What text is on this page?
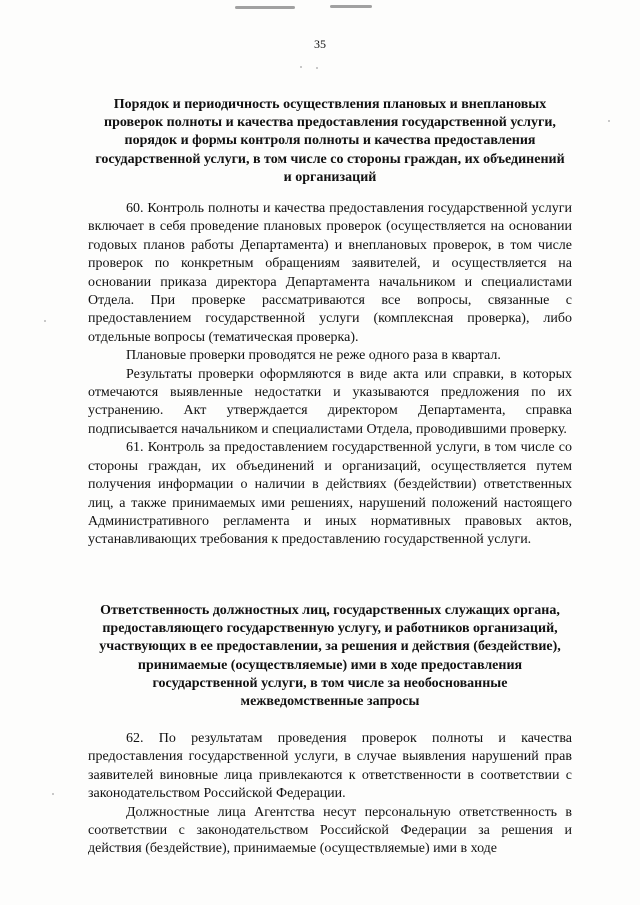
35
Порядок и периодичность осуществления плановых и внеплановых проверок полноты и качества предоставления государственной услуги, порядок и формы контроля полноты и качества предоставления государственной услуги, в том числе со стороны граждан, их объединений и организаций

60. Контроль полноты и качества предоставления государственной услуги включает в себя проведение плановых проверок (осуществляется на основании годовых планов работы Департамента) и внеплановых проверок, в том числе проверок по конкретным обращениям заявителей, и осуществляется на основании приказа директора Департамента начальником и специалистами Отдела. При проверке рассматриваются все вопросы, связанные с предоставлением государственной услуги (комплексная проверка), либо отдельные вопросы (тематическая проверка).

Плановые проверки проводятся не реже одного раза в квартал.

Результаты проверки оформляются в виде акта или справки, в которых отмечаются выявленные недостатки и указываются предложения по их устранению. Акт утверждается директором Департамента, справка подписывается начальником и специалистами Отдела, проводившими проверку.

61. Контроль за предоставлением государственной услуги, в том числе со стороны граждан, их объединений и организаций, осуществляется путем получения информации о наличии в действиях (бездействии) ответственных лиц, а также принимаемых ими решениях, нарушений положений настоящего Административного регламента и иных нормативных правовых актов, устанавливающих требования к предоставлению государственной услуги.

Ответственность должностных лиц, государственных служащих органа, предоставляющего государственную услугу, и работников организаций, участвующих в ее предоставлении, за решения и действия (бездействие), принимаемые (осуществляемые) ими в ходе предоставления государственной услуги, в том числе за необоснованные межведомственные запросы

62. По результатам проведения проверок полноты и качества предоставления государственной услуги, в случае выявления нарушений прав заявителей виновные лица привлекаются к ответственности в соответствии с законодательством Российской Федерации.

Должностные лица Агентства несут персональную ответственность в соответствии с законодательством Российской Федерации за решения и действия (бездействие), принимаемые (осуществляемые) ими в ходе
